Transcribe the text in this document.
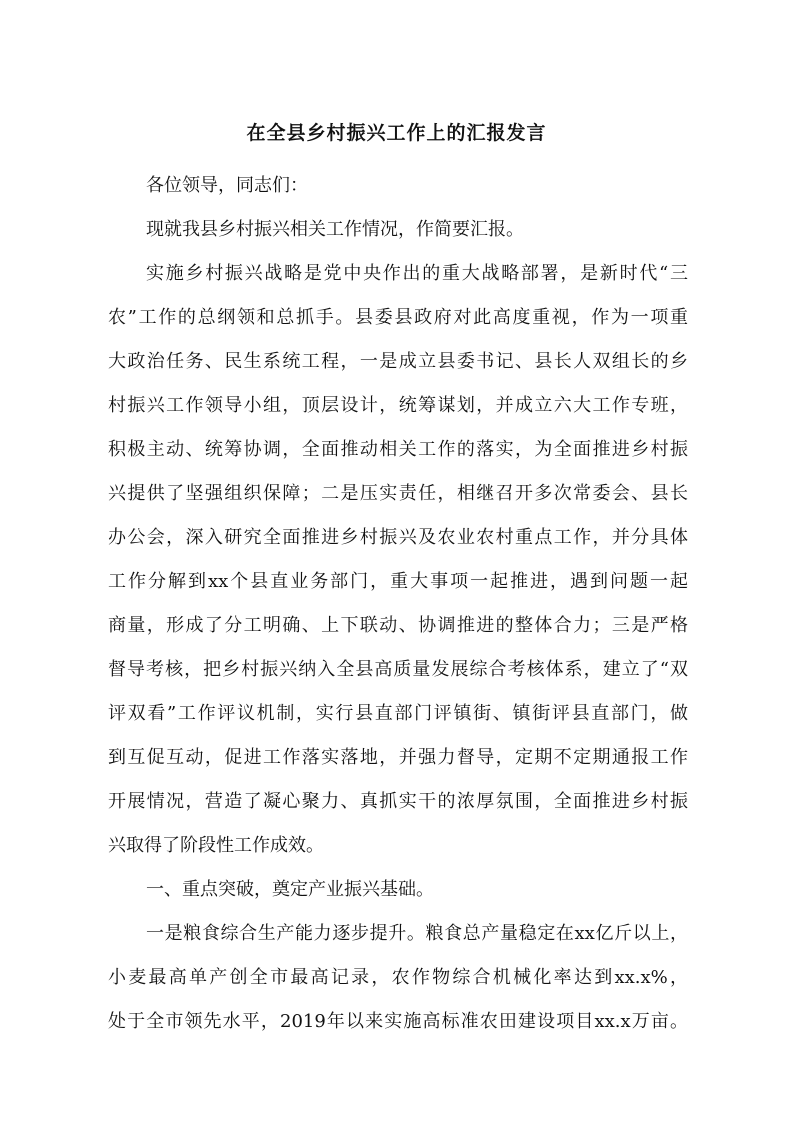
在全县乡村振兴工作上的汇报发言
各位领导，同志们：
现就我县乡村振兴相关工作情况，作简要汇报。
实施乡村振兴战略是党中央作出的重大战略部署，是新时代“三
农”工作的总纲领和总抓手。县委县政府对此高度重视，作为一项重
大政治任务、民生系统工程，一是成立县委书记、县长人双组长的乡
村振兴工作领导小组，顶层设计，统筹谋划，并成立六大工作专班，
积极主动、统筹协调，全面推动相关工作的落实，为全面推进乡村振
兴提供了坚强组织保障；二是压实责任，相继召开多次常委会、县长
办公会，深入研究全面推进乡村振兴及农业农村重点工作，并分具体
工作分解到xx个县直业务部门，重大事项一起推进，遇到问题一起
商量，形成了分工明确、上下联动、协调推进的整体合力；三是严格
督导考核，把乡村振兴纳入全县高质量发展综合考核体系，建立了“双
评双看”工作评议机制，实行县直部门评镇街、镇街评县直部门，做
到互促互动，促进工作落实落地，并强力督导，定期不定期通报工作
开展情况，营造了凝心聚力、真抓实干的浓厚氛围，全面推进乡村振
兴取得了阶段性工作成效。
一、重点突破，奠定产业振兴基础。
一是粮食综合生产能力逐步提升。粮食总产量稳定在xx亿斤以上，
小麦最高单产创全市最高记录，农作物综合机械化率达到xx.x%，
处于全市领先水平，2019年以来实施高标准农田建设项目xx.x万亩。
